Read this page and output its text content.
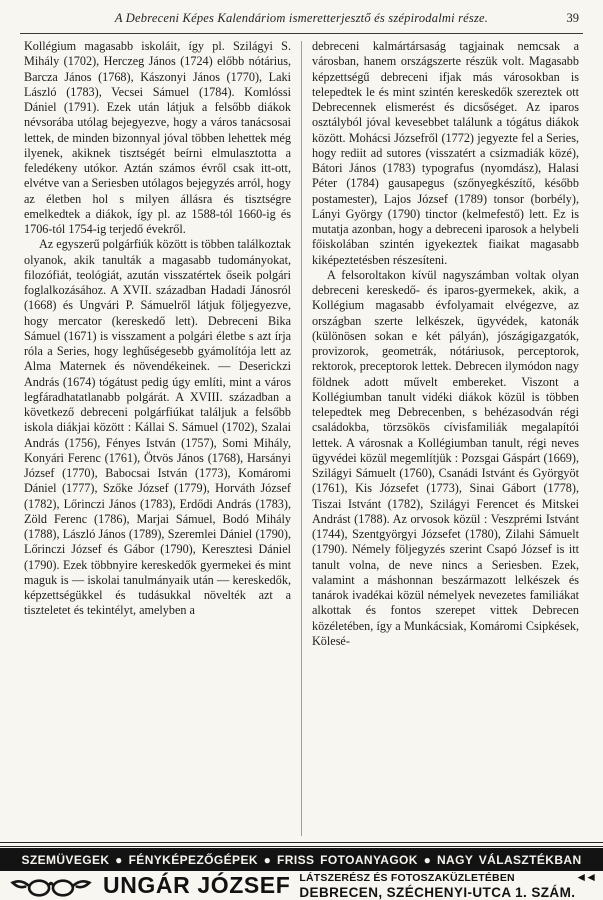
A Debreceni Képes Kalendáriom ismeretterjesztő és szépirodalmi része.	39

Kollégium magasabb iskoláit, így pl. Szilágyi S. Mihály (1702), Herczeg János (1724) előbb nótárius, Barcza János (1768), Kászonyi János (1770), Laki László (1783), Vecsei Sámuel (1784). Komlóssi Dániel (1791). Ezek után látjuk a felsőbb diákok névsorába utólag bejegyezve, hogy a város tanácsosai lettek, de minden bizonnyal jóval többen lehettek még ilyenek, akiknek tisztségét beírni elmulasztotta a feledékeny utókor. Aztán számos évről csak itt-ott, elvétve van a Seriesben utólagos bejegyzés arról, hogy az életben hol s milyen állásra és tisztségre emelkedtek a diákok, így pl. az 1588-tól 1660-ig és 1706-tól 1754-ig terjedő évekről.

Az egyszerű polgárfiúk között is többen találkoztak olyanok, akik tanulták a magasabb tudományokat, filozófiát, teológiát, azután visszatértek őseik polgári foglalkozásához. A XVII. században Hadadi Jánosról (1668) és Ungvári P. Sámuelről látjuk följegyezve, hogy mercator (kereskedő lett). Debreceni Bika Sámuel (1671) is visszament a polgári életbe s azt írja róla a Series, hogy leghűségesebb gyámolítója lett az Alma Maternek és növendékeinek. — Deserickzi András (1674) tógátust pedig úgy említi, mint a város legfáradhatatlanabb polgárát. A XVIII. században a következő debreceni polgárfiúkat találjuk a felsőbb iskola diákjai között : Kállai S. Sámuel (1702), Szalai András (1756), Fényes István (1757), Somi Mihály, Konyári Ferenc (1761), Ötvös János (1768), Harsányi József (1770), Babocsai István (1773), Komáromi Dániel (1777), Szőke József (1779), Horváth József (1782), Lőrinczi János (1783), Erdődi András (1783), Zöld Ferenc (1786), Marjai Sámuel, Bodó Mihály (1788), László János (1789), Szeremlei Dániel (1790), Lőrinczi József és Gábor (1790), Keresztesi Dániel (1790). Ezek többnyire kereskedők gyermekei és mint maguk is — iskolai tanulmányaik után — kereskedők, képzettségükkel és tudásukkal növelték azt a tiszteletet és tekintélyt, amelyben a

debreceni kalmártársaság tagjainak nemcsak a városban, hanem országszerte részük volt. Magasabb képzettségű debreceni ifjak más városokban is telepedtek le és mint szintén kereskedők szereztek ott Debrecennek elismerést és dicsőséget. Az iparos osztályból jóval kevesebbet találunk a tógátus diákok között. Mohácsi Józsefről (1772) jegyezte fel a Series, hogy rediit ad sutores (visszatért a csizmadiák közé), Bátori János (1783) typografus (nyomdász), Halasi Péter (1784) gausapegus (szőnyegkészítő, később postamester), Lajos József (1789) tonsor (borbély), Lányi György (1790) tinctor (kelmefestő) lett. Ez is mutatja azonban, hogy a debreceni iparosok a helybeli főiskolában szintén igyekeztek fiaikat magasabb kiképeztetésben részesíteni.

A felsoroltakon kívül nagyszámban voltak olyan debreceni kereskedő- és iparos-gyermekek, akik, a Kollégium magasabb évfolyamait elvégezve, az országban szerte lelkészek, ügyvédek, katonák (különösen sokan e két pályán), jószágigazgatók, provizorok, geometrák, nótáriusok, perceptorok, rektorok, preceptorok lettek. Debrecen ilymódon nagy földnek adott művelt embereket. Viszont a Kollégiumban tanult vidéki diákok közül is többen telepedtek meg Debrecenben, s behézasodván régi családokba, törzsökös cívisfamiliák megalapítói lettek. A városnak a Kollégiumban tanult, régi neves ügyvédei közül megemlítjük : Pozsgai Gáspárt (1669), Szilágyi Sámuelt (1760), Csanádi Istvánt és Györgyöt (1761), Kis Józsefet (1773), Sinai Gábort (1778), Tiszai Istvánt (1782), Szilágyi Ferencet és Mitskei Andrást (1788). Az orvosok közül : Veszprémi Istvánt (1744), Szentgyörgyi Józsefet (1780), Zilahi Sámuelt (1790). Némely följegyzés szerint Csapó József is itt tanult volna, de neve nincs a Seriesben. Ezek, valamint a máshonnan beszármazott lelkészek és tanárok ivadékai közül némelyek nevezetes familiákat alkottak és fontos szerepet vittek Debrecen közéletében, így a Munkácsiak, Komáromi Csipkések, Kölesé-

SZEMÜVEGEK ● FÉNYKÉPEZŐGÉPEK ● FRISS FOTOANYAGOK ● NAGY VÁLASZTÉKBAN
UNGÁR JÓZSEF LÁTSZERÉSZ ÉS FOTOSZAKÜZLETÉBEN	◄◄
DEBRECEN, SZÉCHENYI-UTCA 1. SZÁM.
